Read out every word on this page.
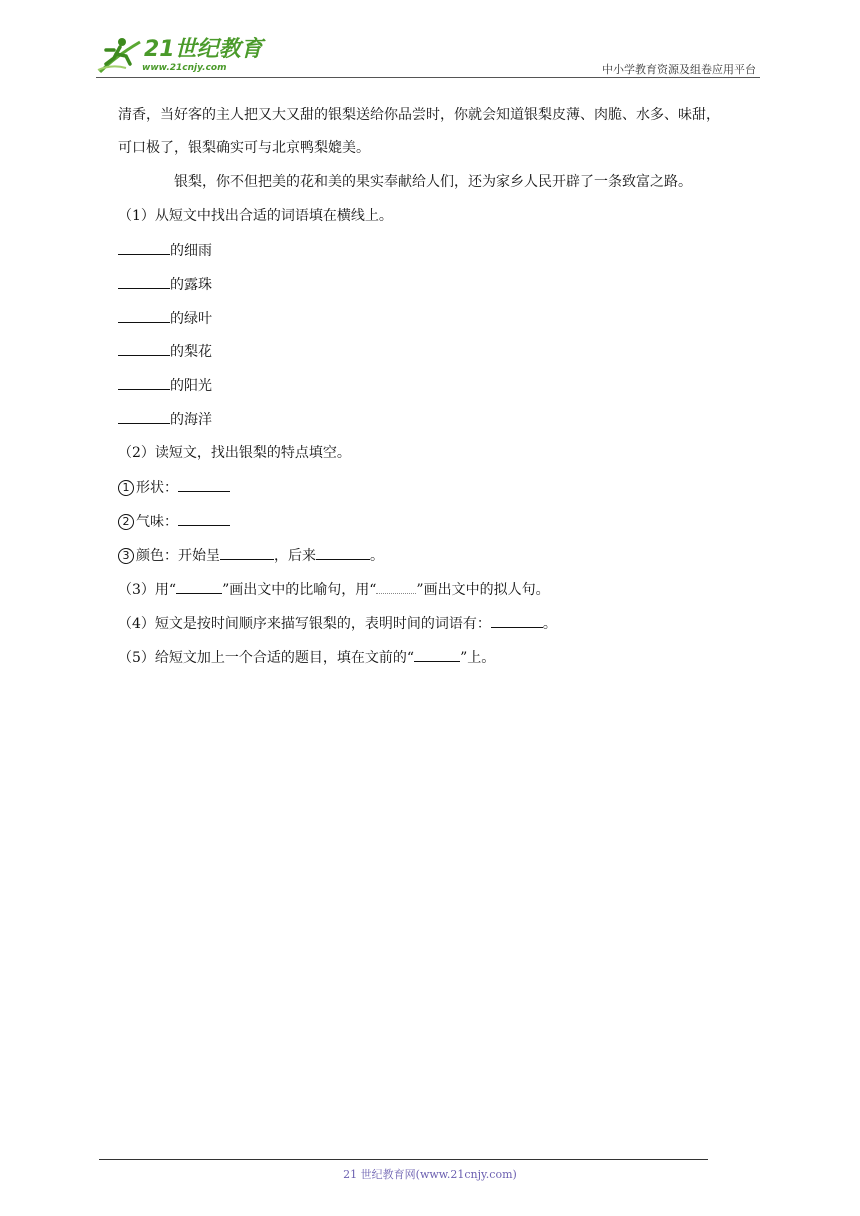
21世纪教育
www.21cnjy.com	中小学教育资源及组卷应用平台
清香，当好客的主人把又大又甜的银梨送给你品尝时，你就会知道银梨皮薄、肉脆、水多、味甜，
可口极了，银梨确实可与北京鸭梨媲美。
银梨，你不但把美的花和美的果实奉献给人们，还为家乡人民开辟了一条致富之路。
（1）从短文中找出合适的词语填在横线上。
的细雨
的露珠
的绿叶
的梨花
的阳光
的海洋
（2）读短文，找出银梨的特点填空。
1 形状：
2 气味：
3 颜色：开始呈	，后来	。
（3）用“	”画出文中的比喻句，用“	”画出文中的拟人句。
（4）短文是按时间顺序来描写银梨的，表明时间的词语有：	。
（5）给短文加上一个合适的题目，填在文前的“	”上。
21 世纪教育网(www.21cnjy.com)
